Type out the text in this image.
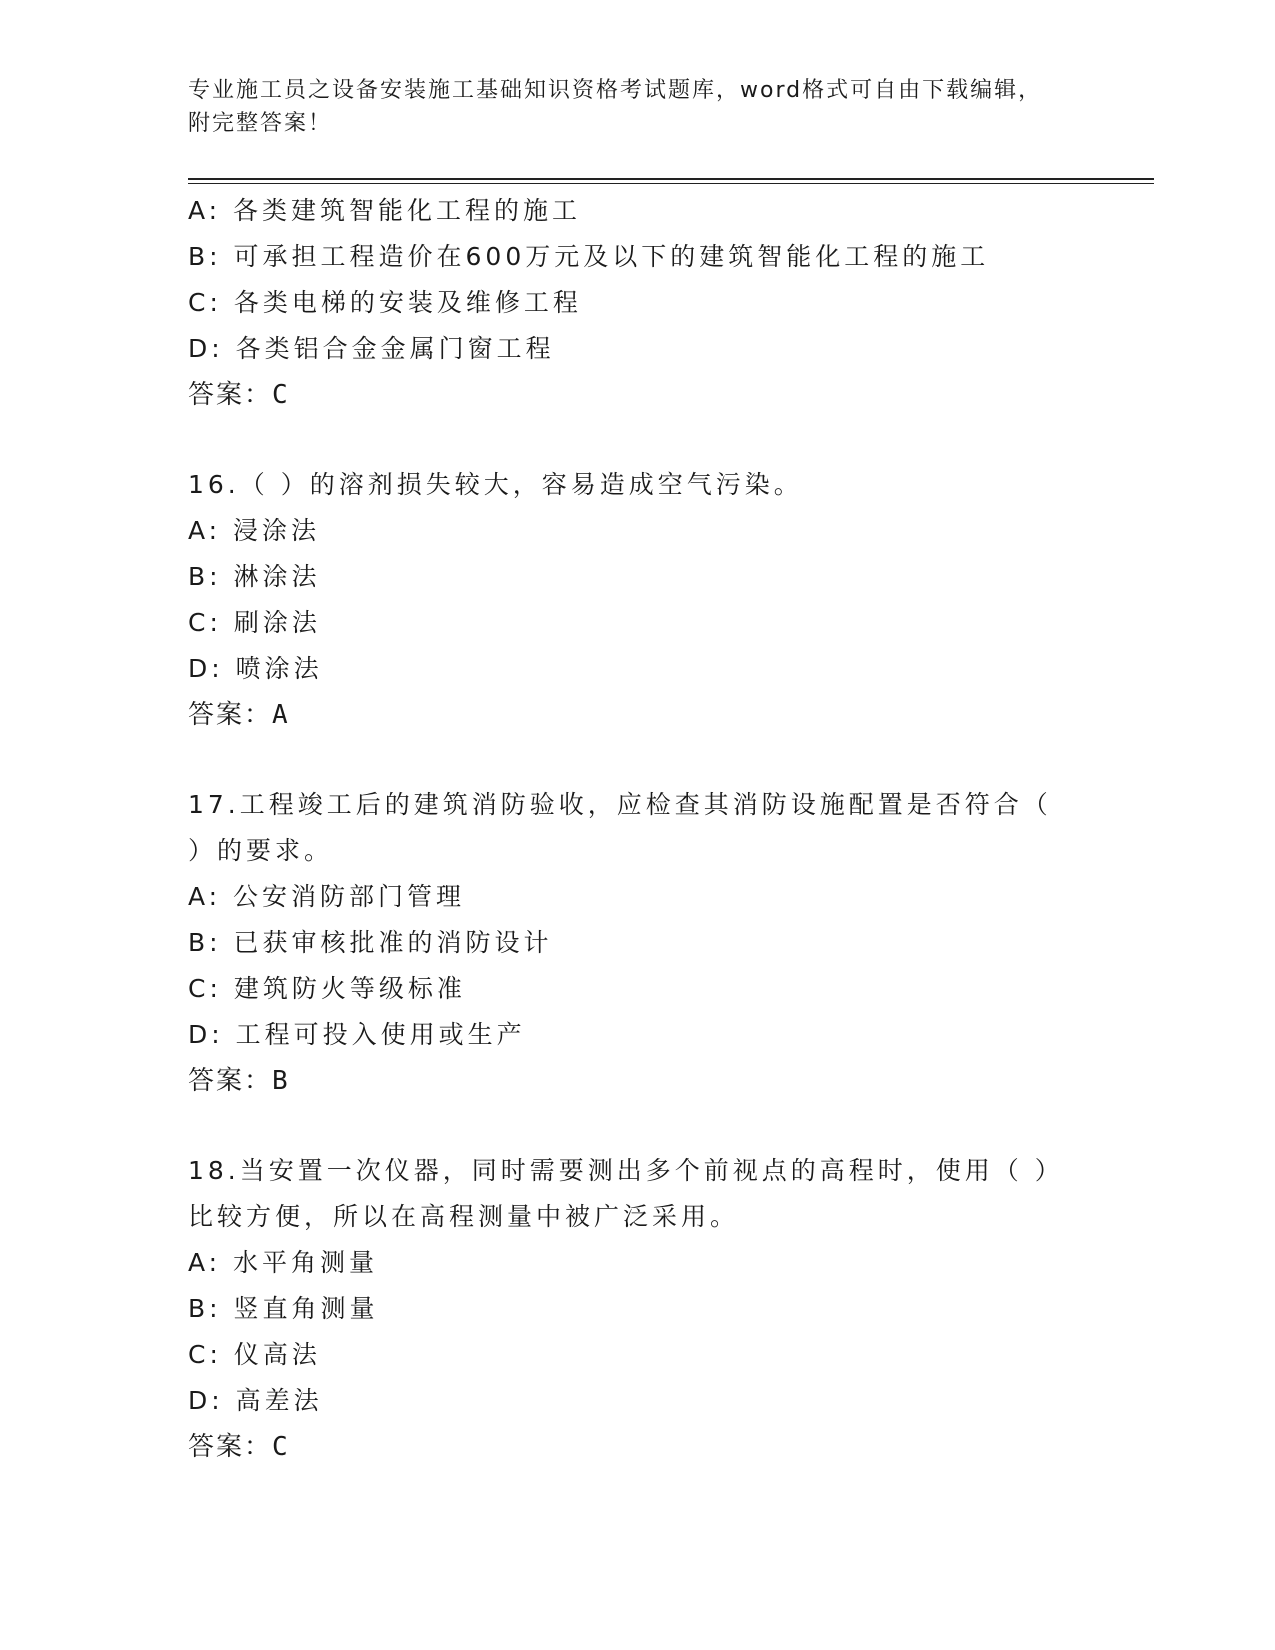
专业施工员之设备安装施工基础知识资格考试题库，word格式可自由下载编辑，
附完整答案！
A: 各类建筑智能化工程的施工
B: 可承担工程造价在600万元及以下的建筑智能化工程的施工
C: 各类电梯的安装及维修工程
D: 各类铝合金金属门窗工程
答案：C
16.（ ）的溶剂损失较大，容易造成空气污染。
A: 浸涂法
B: 淋涂法
C: 刷涂法
D: 喷涂法
答案：A
17.工程竣工后的建筑消防验收，应检查其消防设施配置是否符合（
）的要求。
A: 公安消防部门管理
B: 已获审核批准的消防设计
C: 建筑防火等级标准
D: 工程可投入使用或生产
答案：B
18.当安置一次仪器，同时需要测出多个前视点的高程时，使用（ ）
比较方便，所以在高程测量中被广泛采用。
A: 水平角测量
B: 竖直角测量
C: 仪高法
D: 高差法
答案：C
